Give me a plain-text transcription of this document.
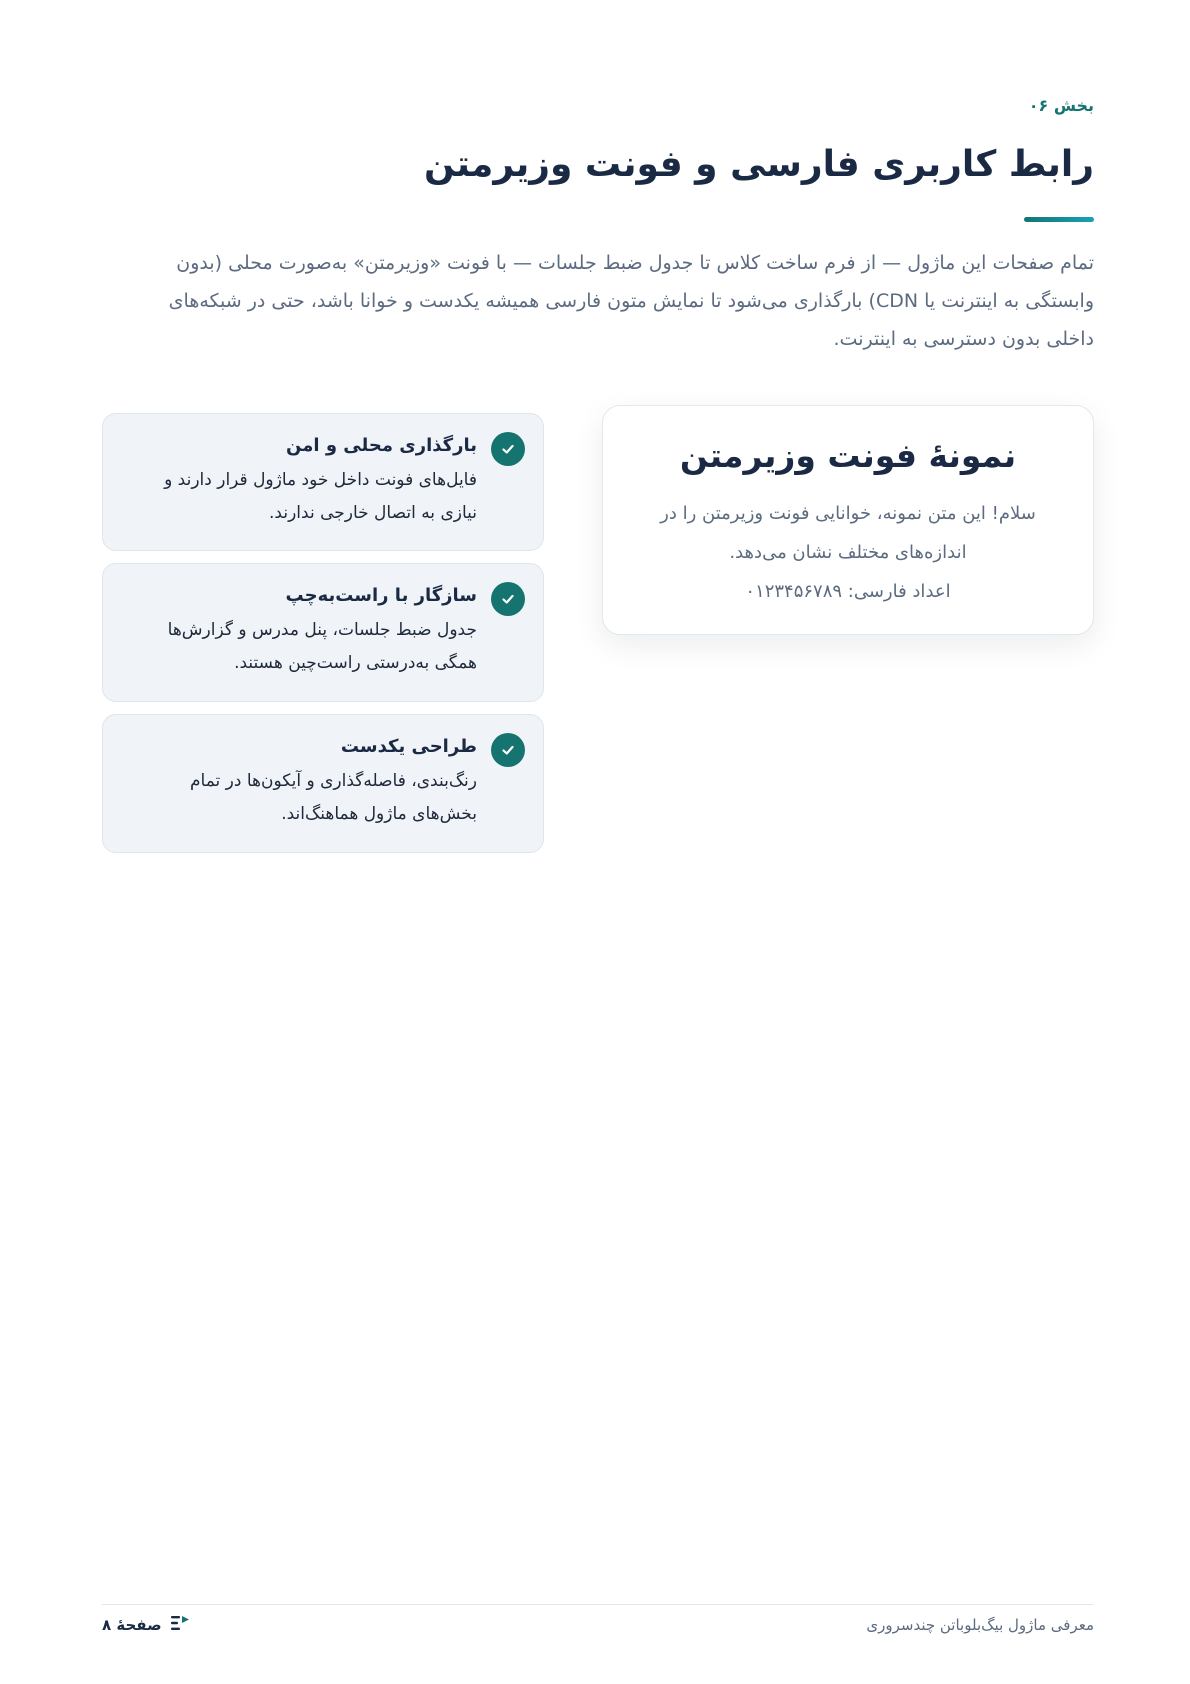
بخش ۰۶
رابط کاربری فارسی و فونت وزیرمتن

تمام صفحات این ماژول — از فرم ساخت کلاس تا جدول ضبط جلسات — با فونت «وزیرمتن» به‌صورت محلی (بدون وابستگی به اینترنت یا CDN) بارگذاری می‌شود تا نمایش متون فارسی همیشه یکدست و خوانا باشد، حتی در شبکه‌های داخلی بدون دسترسی به اینترنت.

نمونهٔ فونت وزیرمتن
سلام! این متن نمونه، خوانایی فونت وزیرمتن را در اندازه‌های مختلف نشان می‌دهد.
اعداد فارسی: ۰۱۲۳۴۵۶۷۸۹
بارگذاری محلی و امن
فایل‌های فونت داخل خود ماژول قرار دارند و نیازی به اتصال خارجی ندارند.
سازگار با راست‌به‌چپ
جدول ضبط جلسات، پنل مدرس و گزارش‌ها همگی به‌درستی راست‌چین هستند.
طراحی یکدست
رنگ‌بندی، فاصله‌گذاری و آیکون‌ها در تمام بخش‌های ماژول هماهنگ‌اند.
صفحهٔ ۸	معرفی ماژول بیگ‌بلوباتن چندسروری
